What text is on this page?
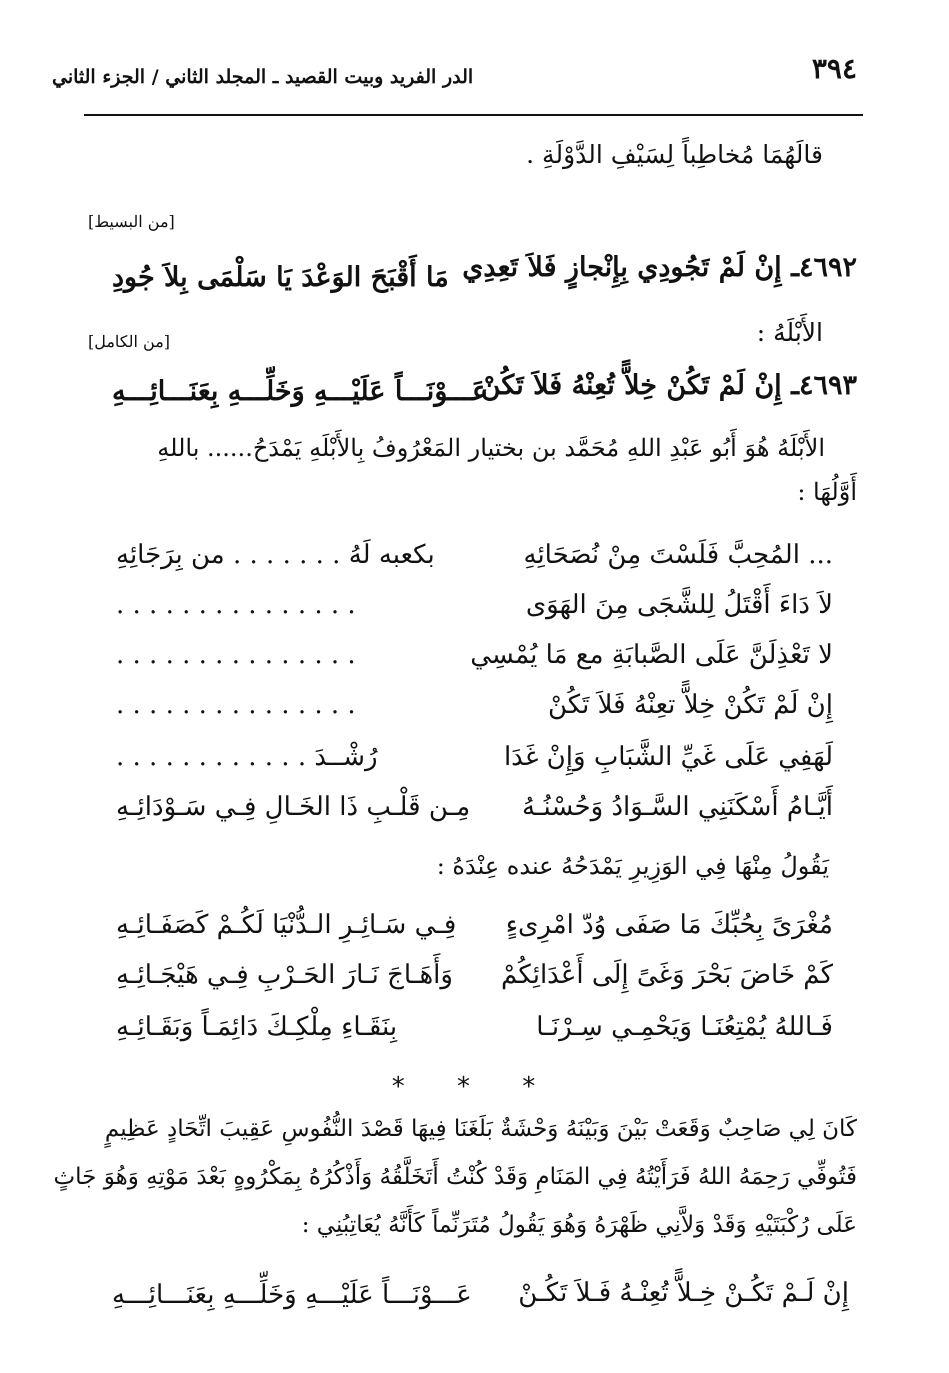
٣٩٤
الدر الفريد وبيت القصيد ـ المجلد الثاني / الجزء الثاني
قالَهُمَا مُخاطِباً لِسَيْفِ الدَّوْلَةِ .
[من البسيط]
٤٦٩٢ـ إِنْ لَمْ تَجُودِي بِإِنْجازٍ فَلاَ تَعِدِي
مَا أَقْبَحَ الوَعْدَ يَا سَلْمَى بِلاَ جُودِ
الأَبْلَهُ :
[من الكامل]
٤٦٩٣ـ إِنْ لَمْ تَكُنْ خِلاًّ تُعِنْهُ فَلاَ تَكُنْ
عَـــوْنَـــاً عَلَيْـــهِ وَخَلِّـــهِ بِعَنَـــائِـــهِ
الأَبْلَهُ هُوَ أَبُو عَبْدِ اللهِ مُحَمَّد بن بختيار المَعْرُوفُ بِالأَبْلَهِ يَمْدَحُ...... باللهِ
أَوَّلُهَا :
... المُحِبَّ فَلَسْتَ مِنْ نُصَحَائِهِ
بكعبه لَهُ . . . . . . . من بِرَجَائِهِ
لاَ دَاءَ أَقْتَلُ لِلشَّجَى مِنَ الهَوَى
. . . . . . . . . . . . . . .
لا تَعْذِلَنَّ عَلَى الصَّبابَةِ مع مَا يُمْسِي
. . . . . . . . . . . . . . .
إِنْ لَمْ تَكُنْ خِلاًّ تعِنْهُ فَلاَ تَكُنْ
. . . . . . . . . . . . . . .
لَهَفِي عَلَى غَيِّ الشَّبَابِ وَإِنْ غَدَا
رُشْــدَ . . . . . . . . . . . .
أَيَّـامُ أَسْكَنَنِي السَّـوَادُ وَحُسْنُـهُ
مِـن قَلْـبِ ذَا الخَـالِ فِـي سَـوْدَائِـهِ
يَقُولُ مِنْهَا فِي الوَزِيرِ يَمْدَحُهُ عنده عِنْدَهُ :
مُغْرَىً بِحُبِّكَ مَا صَفَى وُدّ امْرِىءٍ
فِـي سَـائِـرِ الـدُّنْيَا لَكُـمْ كَصَفَـائِـهِ
كَمْ خَاضَ بَحْرَ وَغَىً إِلَى أَعْدَائِكُمْ
وَأَهَـاجَ نَـارَ الحَـرْبِ فِـي هَيْجَـائِـهِ
فَـاللهُ يُمْتِعُنَـا وَيَحْمِـي سِـرْنَـا
بِنَقَـاءِ مِلْكِـكَ دَائِمَـاً وَبَقَـائِـهِ
* * *
كَانَ لِي صَاحِبٌ وَقَعَتْ بَيْنَ وَبَيْنَهُ وَحْشَةٌ بَلَغَنَا فِيهَا قَصْدَ النُّفُوسِ عَقِيبَ اتِّحَادٍ عَظِيمٍ
فَتُوفِّي رَحِمَهُ اللهُ فَرَأَيْتُهُ فِي المَنَامِ وَقَدْ كُنْتُ أَتَخَلَّقُهُ وَأَذْكُرُهُ بِمَكْرُوهٍ بَعْدَ مَوْتِهِ وَهُوَ جَاثٍ
عَلَى رُكْبَتَيْهِ وَقَدْ وَلاَّنِي ظَهْرَهُ وَهُوَ يَقُولُ مُتَرَنِّماً كَأَنَّهُ يُعَاتِبُنِي :
إِنْ لَـمْ تَكُـنْ خِـلاًّ تُعِنْـهُ فَـلاَ تَكُـنْ
عَـــوْنَـــاً عَلَيْـــهِ وَخَلِّـــهِ بِعَنَـــائِـــهِ
